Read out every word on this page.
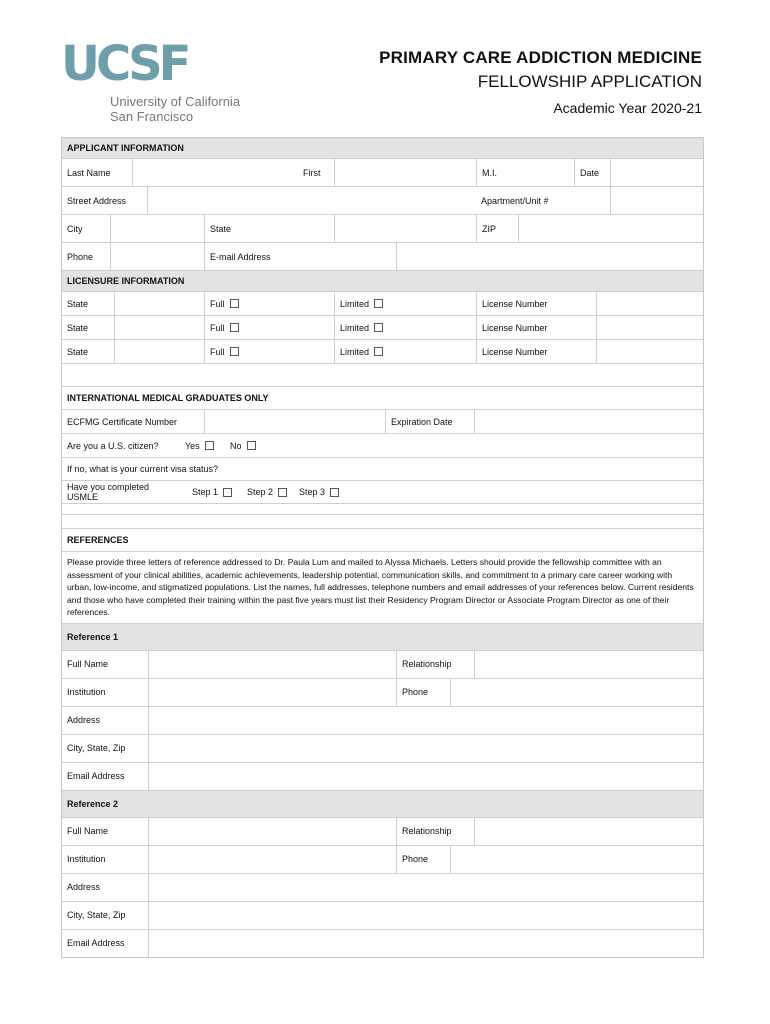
UCSF
University of California
San Francisco
PRIMARY CARE ADDICTION MEDICINE
FELLOWSHIP APPLICATION
Academic Year 2020-21
APPLICANT INFORMATION
Last Name	First	M.I.	Date
Street Address	Apartment/Unit #
City	State	ZIP
Phone	E-mail Address
LICENSURE INFORMATION
State	Full	Limited	License Number
State	Full	Limited	License Number
State	Full	Limited	License Number
INTERNATIONAL MEDICAL GRADUATES ONLY
ECFMG Certificate Number	Expiration Date
Are you a U.S. citizen?	Yes	No
If no, what is your current visa status?
Have you completed USMLE	Step 1	Step 2	Step 3
REFERENCES
Please provide three letters of reference addressed to Dr. Paula Lum and mailed to Alyssa Michaels. Letters should provide the fellowship committee with an assessment of your clinical abilities, academic achievements, leadership potential, communication skills, and commitment to a primary care career working with urban, low-income, and stigmatized populations. List the names, full addresses, telephone numbers and email addresses of your references below. Current residents and those who have completed their training within the past five years must list their Residency Program Director or Associate Program Director as one of their references.
Reference 1
Full Name	Relationship
Institution	Phone
Address
City, State, Zip
Email Address
Reference 2
Full Name	Relationship
Institution	Phone
Address
City, State, Zip
Email Address
